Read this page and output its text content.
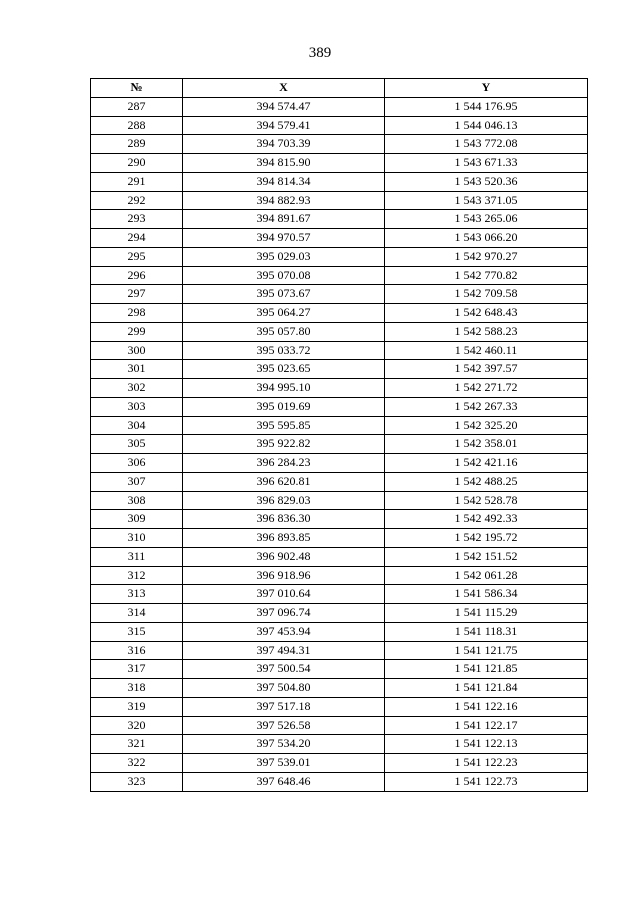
389
№	X	Y
287	394 574.47	1 544 176.95
288	394 579.41	1 544 046.13
289	394 703.39	1 543 772.08
290	394 815.90	1 543 671.33
291	394 814.34	1 543 520.36
292	394 882.93	1 543 371.05
293	394 891.67	1 543 265.06
294	394 970.57	1 543 066.20
295	395 029.03	1 542 970.27
296	395 070.08	1 542 770.82
297	395 073.67	1 542 709.58
298	395 064.27	1 542 648.43
299	395 057.80	1 542 588.23
300	395 033.72	1 542 460.11
301	395 023.65	1 542 397.57
302	394 995.10	1 542 271.72
303	395 019.69	1 542 267.33
304	395 595.85	1 542 325.20
305	395 922.82	1 542 358.01
306	396 284.23	1 542 421.16
307	396 620.81	1 542 488.25
308	396 829.03	1 542 528.78
309	396 836.30	1 542 492.33
310	396 893.85	1 542 195.72
311	396 902.48	1 542 151.52
312	396 918.96	1 542 061.28
313	397 010.64	1 541 586.34
314	397 096.74	1 541 115.29
315	397 453.94	1 541 118.31
316	397 494.31	1 541 121.75
317	397 500.54	1 541 121.85
318	397 504.80	1 541 121.84
319	397 517.18	1 541 122.16
320	397 526.58	1 541 122.17
321	397 534.20	1 541 122.13
322	397 539.01	1 541 122.23
323	397 648.46	1 541 122.73
